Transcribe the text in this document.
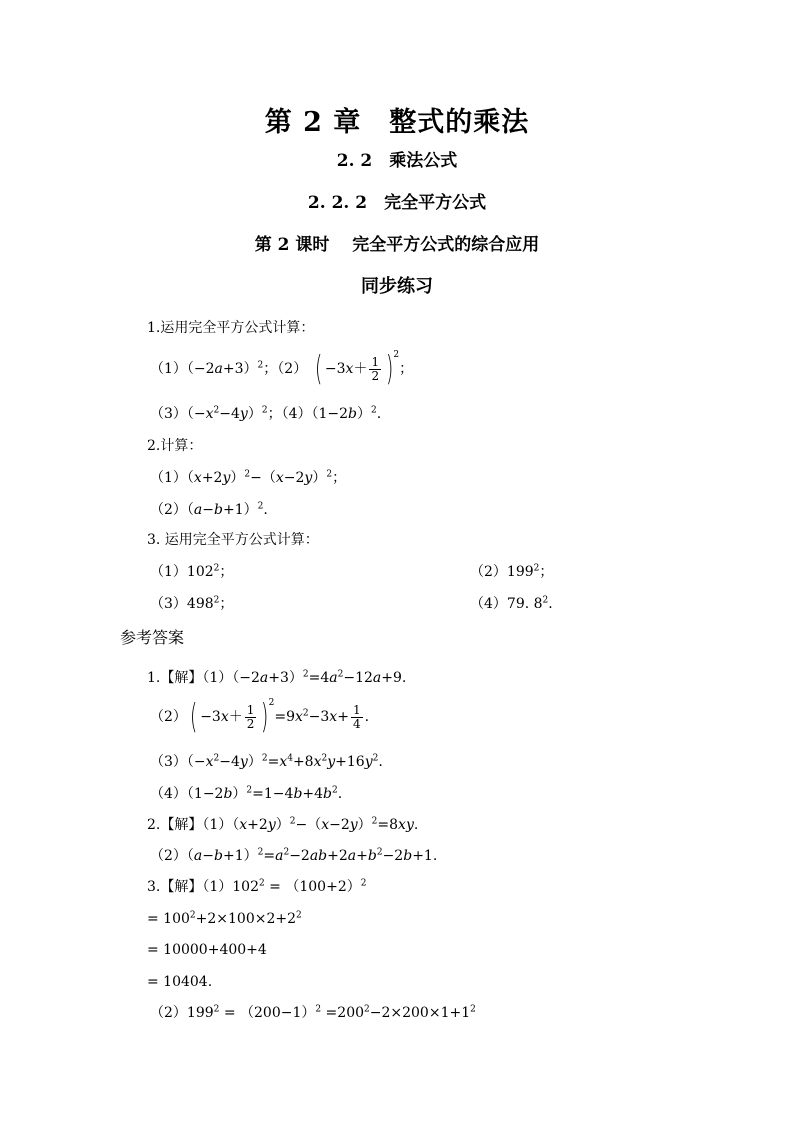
第 2 章　整式的乘法
2. 2　乘法公式
2. 2. 2　完全平方公式
第 2 课时　 完全平方公式的综合应用
同步练习
1.运用完全平方公式计算：
$(1)(-2a+3)^2$；（2） ( −3 $x + \frac{1}{2}$ ) 2
；
$(3)(-x^2-4y)^2$；$(4)(1-2b)^2$.
2.计算：
$(1)(x+2y)^2-(x-2y)^2$；
$(2)(a-b+1)^2$.
3. 运用完全平方公式计算：
$(1)102^2$；	$(2)199^2$；
$(3)498^2$；	（4）79. $8^2$.
参考答案
1.【解】$(1)(-2a+3)^2=4a^2-12a+9$.
（2） ( −3 $x + \frac{1}{2}$ ) 2
$=9x^2-3x+ \frac{1}{4}$ .
$(3)(-x^2-4y)^2=x^4+8x^2y+16y^2$.
$(4)(1-2b)^2=1-4b+4b^2$.
2.【解】$(1)(x+2y)^2-(x-2y)^2=8xy$.
$(2)(a-b+1)^2=a^2-2ab+2a+b^2-2b+1$.
3.【解】$(1)102^2 = (100+2)^2$
= $100^2+2\times 100\times 2+2^2$
= 10000+400+4
= 10404.
$(2)199^2 = (200-1)^2 =200^2-2\times 200\times 1+1^2$
